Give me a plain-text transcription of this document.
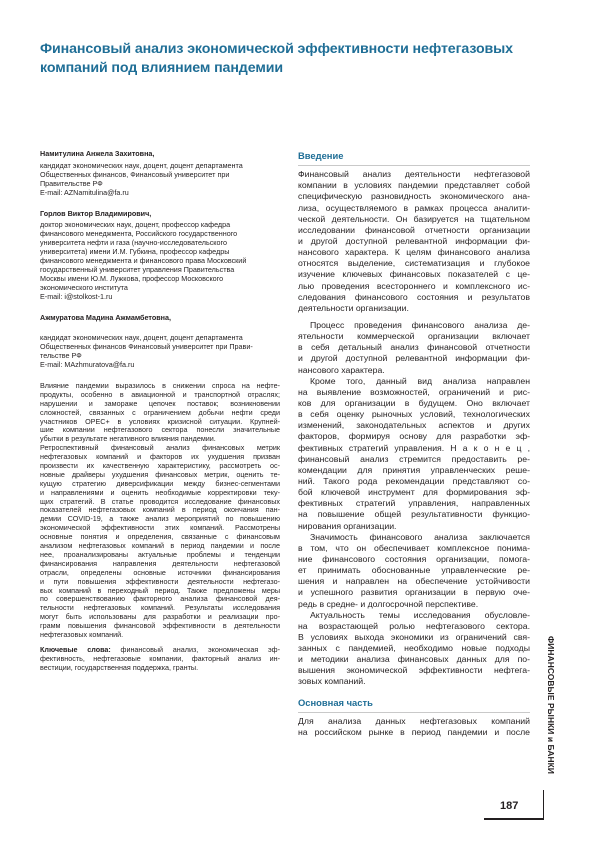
Финансовый анализ экономической эффективности нефтегазовых
компаний под влиянием пандемии
Намитулина Анжела Захитовна,
кандидат экономических наук, доцент, доцент департамента
Общественных финансов, Финансовый университет при
Правительстве РФ
E-mail: AZNamitulina@fa.ru
Горлов Виктор Владимирович,
доктор экономических наук, доцент, профессор кафедра
финансового менеджмента, Российского государственного
университета нефти и газа (научно-исследовательского
университета) имени И.М. Губкина, профессор кафедры
финансового менеджмента и финансового права Московский
государственный университет управления Правительства
Москвы имени Ю.М. Лужкова, профессор Московского
экономического института
E-mail: i@stolkost-1.ru
Ажмуратова Мадина Ажмамбетовна,
кандидат экономических наук, доцент, доцент департамента
Общественных финансов Финансовый университет при Прави-
тельстве РФ
E-mail: MAzhmuratova@fa.ru
Влияние пандемии выразилось в снижении спроса на нефте-
продукты, особенно в авиационной и транспортной отраслях;
нарушении и замораже цепочек поставок; возникновении
сложностей, связанных с ограничением добычи нефти среди
участников ОРЕС+ в условиях кризисной ситуации. Крупней-
шие компании нефтегазового сектора понесли значительные
убытки в результате негативного влияния пандемии.
Ретроспективный финансовый анализ финансовых метрик
нефтегазовых компаний и факторов их ухудшения призван
произвести их качественную характеристику, рассмотреть ос-
новные драйверы ухудшения финансовых метрик, оценить те-
кущую стратегию диверсификации между бизнес-сегментами
и направлениями и оценить необходимые корректировки теку-
щих стратегий. В статье проводится исследование финансовых
показателей нефтегазовых компаний в период окончания пан-
демии COVID-19, а также анализ мероприятий по повышению
экономической эффективности этих компаний. Рассмотрены
основные понятия и определения, связанные с финансовым
анализом нефтегазовых компаний в период пандемии и после
нее, проанализированы актуальные проблемы и тенденции
финансирования направления деятельности нефтегазовой
отрасли, определены основные источники финансирования
и пути повышения эффективности деятельности нефтегазо-
вых компаний в переходный период. Также предложены меры
по совершенствованию факторного анализа финансовой дея-
тельности нефтегазовых компаний. Результаты исследования
могут быть использованы для разработки и реализации про-
грамм повышения финансовой эффективности в деятельности
нефтегазовых компаний.
Ключевые слова: финансовый анализ, экономическая эф-
фективность, нефтегазовые компании, факторный анализ ин-
вестиции, государственная поддержка, гранты.
Введение
Финансовый анализ деятельности нефтегазовой
компании в условиях пандемии представляет собой
специфическую разновидность экономического ана-
лиза, осуществляемого в рамках процесса аналити-
ческой деятельности. Он базируется на тщательном
исследовании финансовой отчетности организации
и другой доступной релевантной информации фи-
нансового характера. К целям финансового анализа
относятся выделение, систематизация и глубокое
изучение ключевых финансовых показателей с це-
лью проведения всестороннего и комплексного ис-
следования финансового состояния и результатов
деятельности организации.
Процесс проведения финансового анализа де-
ятельности коммерческой организации включает
в себя детальный анализ финансовой отчетности
и другой доступной релевантной информации фи-
нансового характера.
Кроме того, данный вид анализа направлен
на выявление возможностей, ограничений и рис-
ков для организации в будущем. Оно включает
в себя оценку рыночных условий, технологических
изменений, законодательных аспектов и других
факторов, формируя основу для разработки эф-
фективных стратегий управления. Н а к о н е ц ,
финансовый анализ стремится предоставить ре-
комендации для принятия управленческих реше-
ний. Такого рода рекомендации представляют со-
бой ключевой инструмент для формирования эф-
фективных стратегий управления, направленных
на повышение общей результативности функцио-
нирования организации.
Значимость финансового анализа заключается
в том, что он обеспечивает комплексное понима-
ние финансового состояния организации, помога-
ет принимать обоснованные управленческие ре-
шения и направлен на обеспечение устойчивости
и успешного развития организации в первую оче-
редь в средне- и долгосрочной перспективе.
Актуальность темы исследования обусловле-
на возрастающей ролью нефтегазового сектора.
В условиях выхода экономики из ограничений свя-
занных с пандемией, необходимо новые подходы
и методики анализа финансовых данных для по-
вышения экономической эффективности нефтега-
зовых компаний.
Основная часть
Для анализа данных нефтегазовых компаний
на российском рынке в период пандемии и после ФИНАНСОВЫЕ РЫНКИ и БАНКИ
187
